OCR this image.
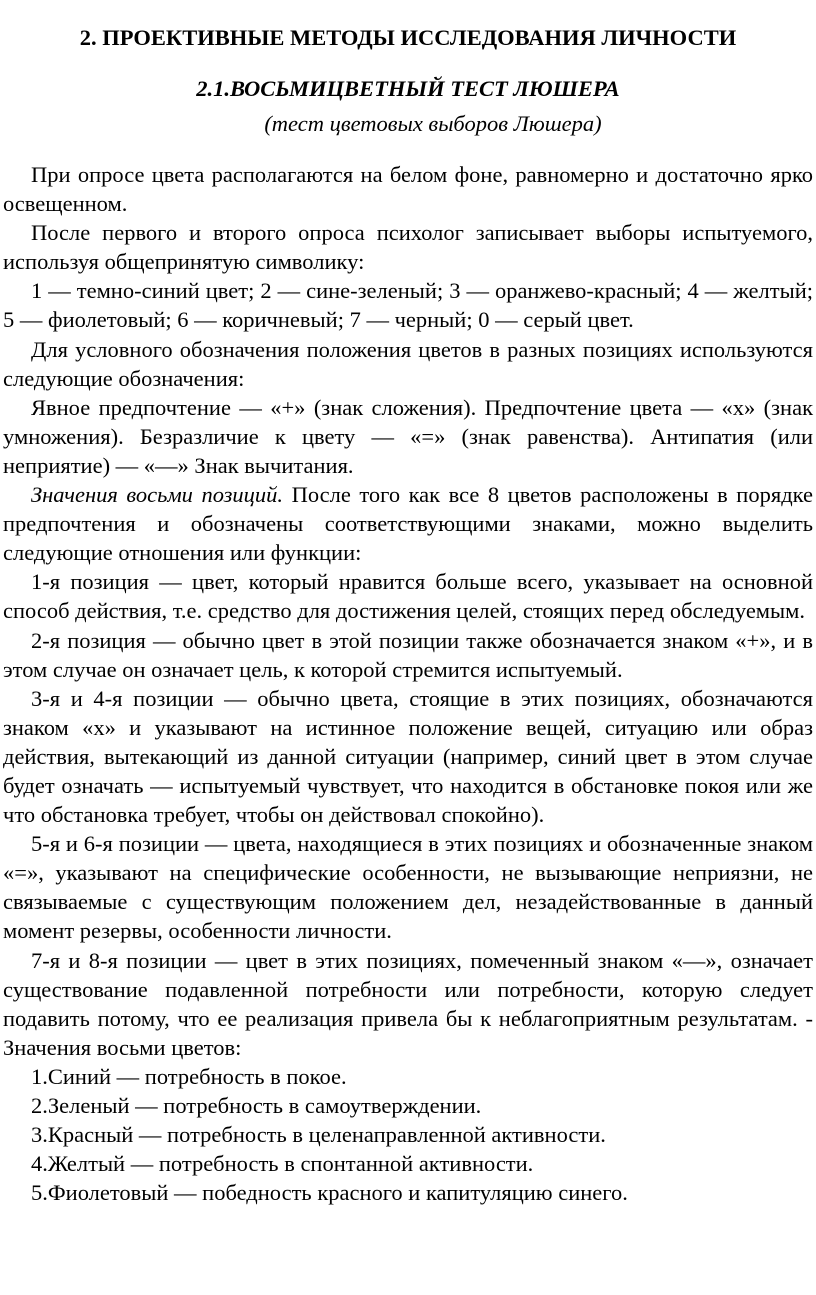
2. ПРОЕКТИВНЫЕ МЕТОДЫ ИССЛЕДОВАНИЯ ЛИЧНОСТИ
2.1.ВОСЬМИЦВЕТНЫЙ ТЕСТ ЛЮШЕРА
(тест цветовых выборов Люшера)

При опросе цвета располагаются на белом фоне, равномерно и достаточно ярко освещенном.

После первого и второго опроса психолог записывает выборы испытуемого, используя общепринятую символику:

1 — темно-синий цвет; 2 — сине-зеленый; 3 — оранжево-красный; 4 — желтый; 5 — фиолетовый; 6 — коричневый; 7 — черный; 0 — серый цвет.

Для условного обозначения положения цветов в разных позициях используются следующие обозначения:

Явное предпочтение — «+» (знак сложения). Предпочтение цвета — «х» (знак умножения). Безразличие к цвету — «=» (знак равенства). Антипатия (или неприятие) — «—» Знак вычитания.

Значения восьми позиций. После того как все 8 цветов расположены в порядке предпочтения и обозначены соответствующими знаками, можно выделить следующие отношения или функции:

1-я позиция — цвет, который нравится больше всего, указывает на основной способ действия, т.е. средство для достижения целей, стоящих перед обследуемым.

2-я позиция — обычно цвет в этой позиции также обозначается знаком «+», и в этом случае он означает цель, к которой стремится испытуемый.

3-я и 4-я позиции — обычно цвета, стоящие в этих позициях, обозначаются знаком «х» и указывают на истинное положение вещей, ситуацию или образ действия, вытекающий из данной ситуации (например, синий цвет в этом случае будет означать — испытуемый чувствует, что находится в обстановке покоя или же что обстановка требует, чтобы он действовал спокойно).

5-я и 6-я позиции — цвета, находящиеся в этих позициях и обозначенные знаком «=», указывают на специфические особенности, не вызывающие неприязни, не связываемые с существующим положением дел, незадействованные в данный момент резервы, особенности личности.

7-я и 8-я позиции — цвет в этих позициях, помеченный знаком «—», означает существование подавленной потребности или потребности, которую следует подавить потому, что ее реализация привела бы к неблагоприятным результатам. - Значения восьми цветов:

1.Синий — потребность в покое.

2.Зеленый — потребность в самоутверждении.

3.Красный — потребность в целенаправленной активности.

4.Желтый — потребность в спонтанной активности.

5.Фиолетовый — победность красного и капитуляцию синего.
